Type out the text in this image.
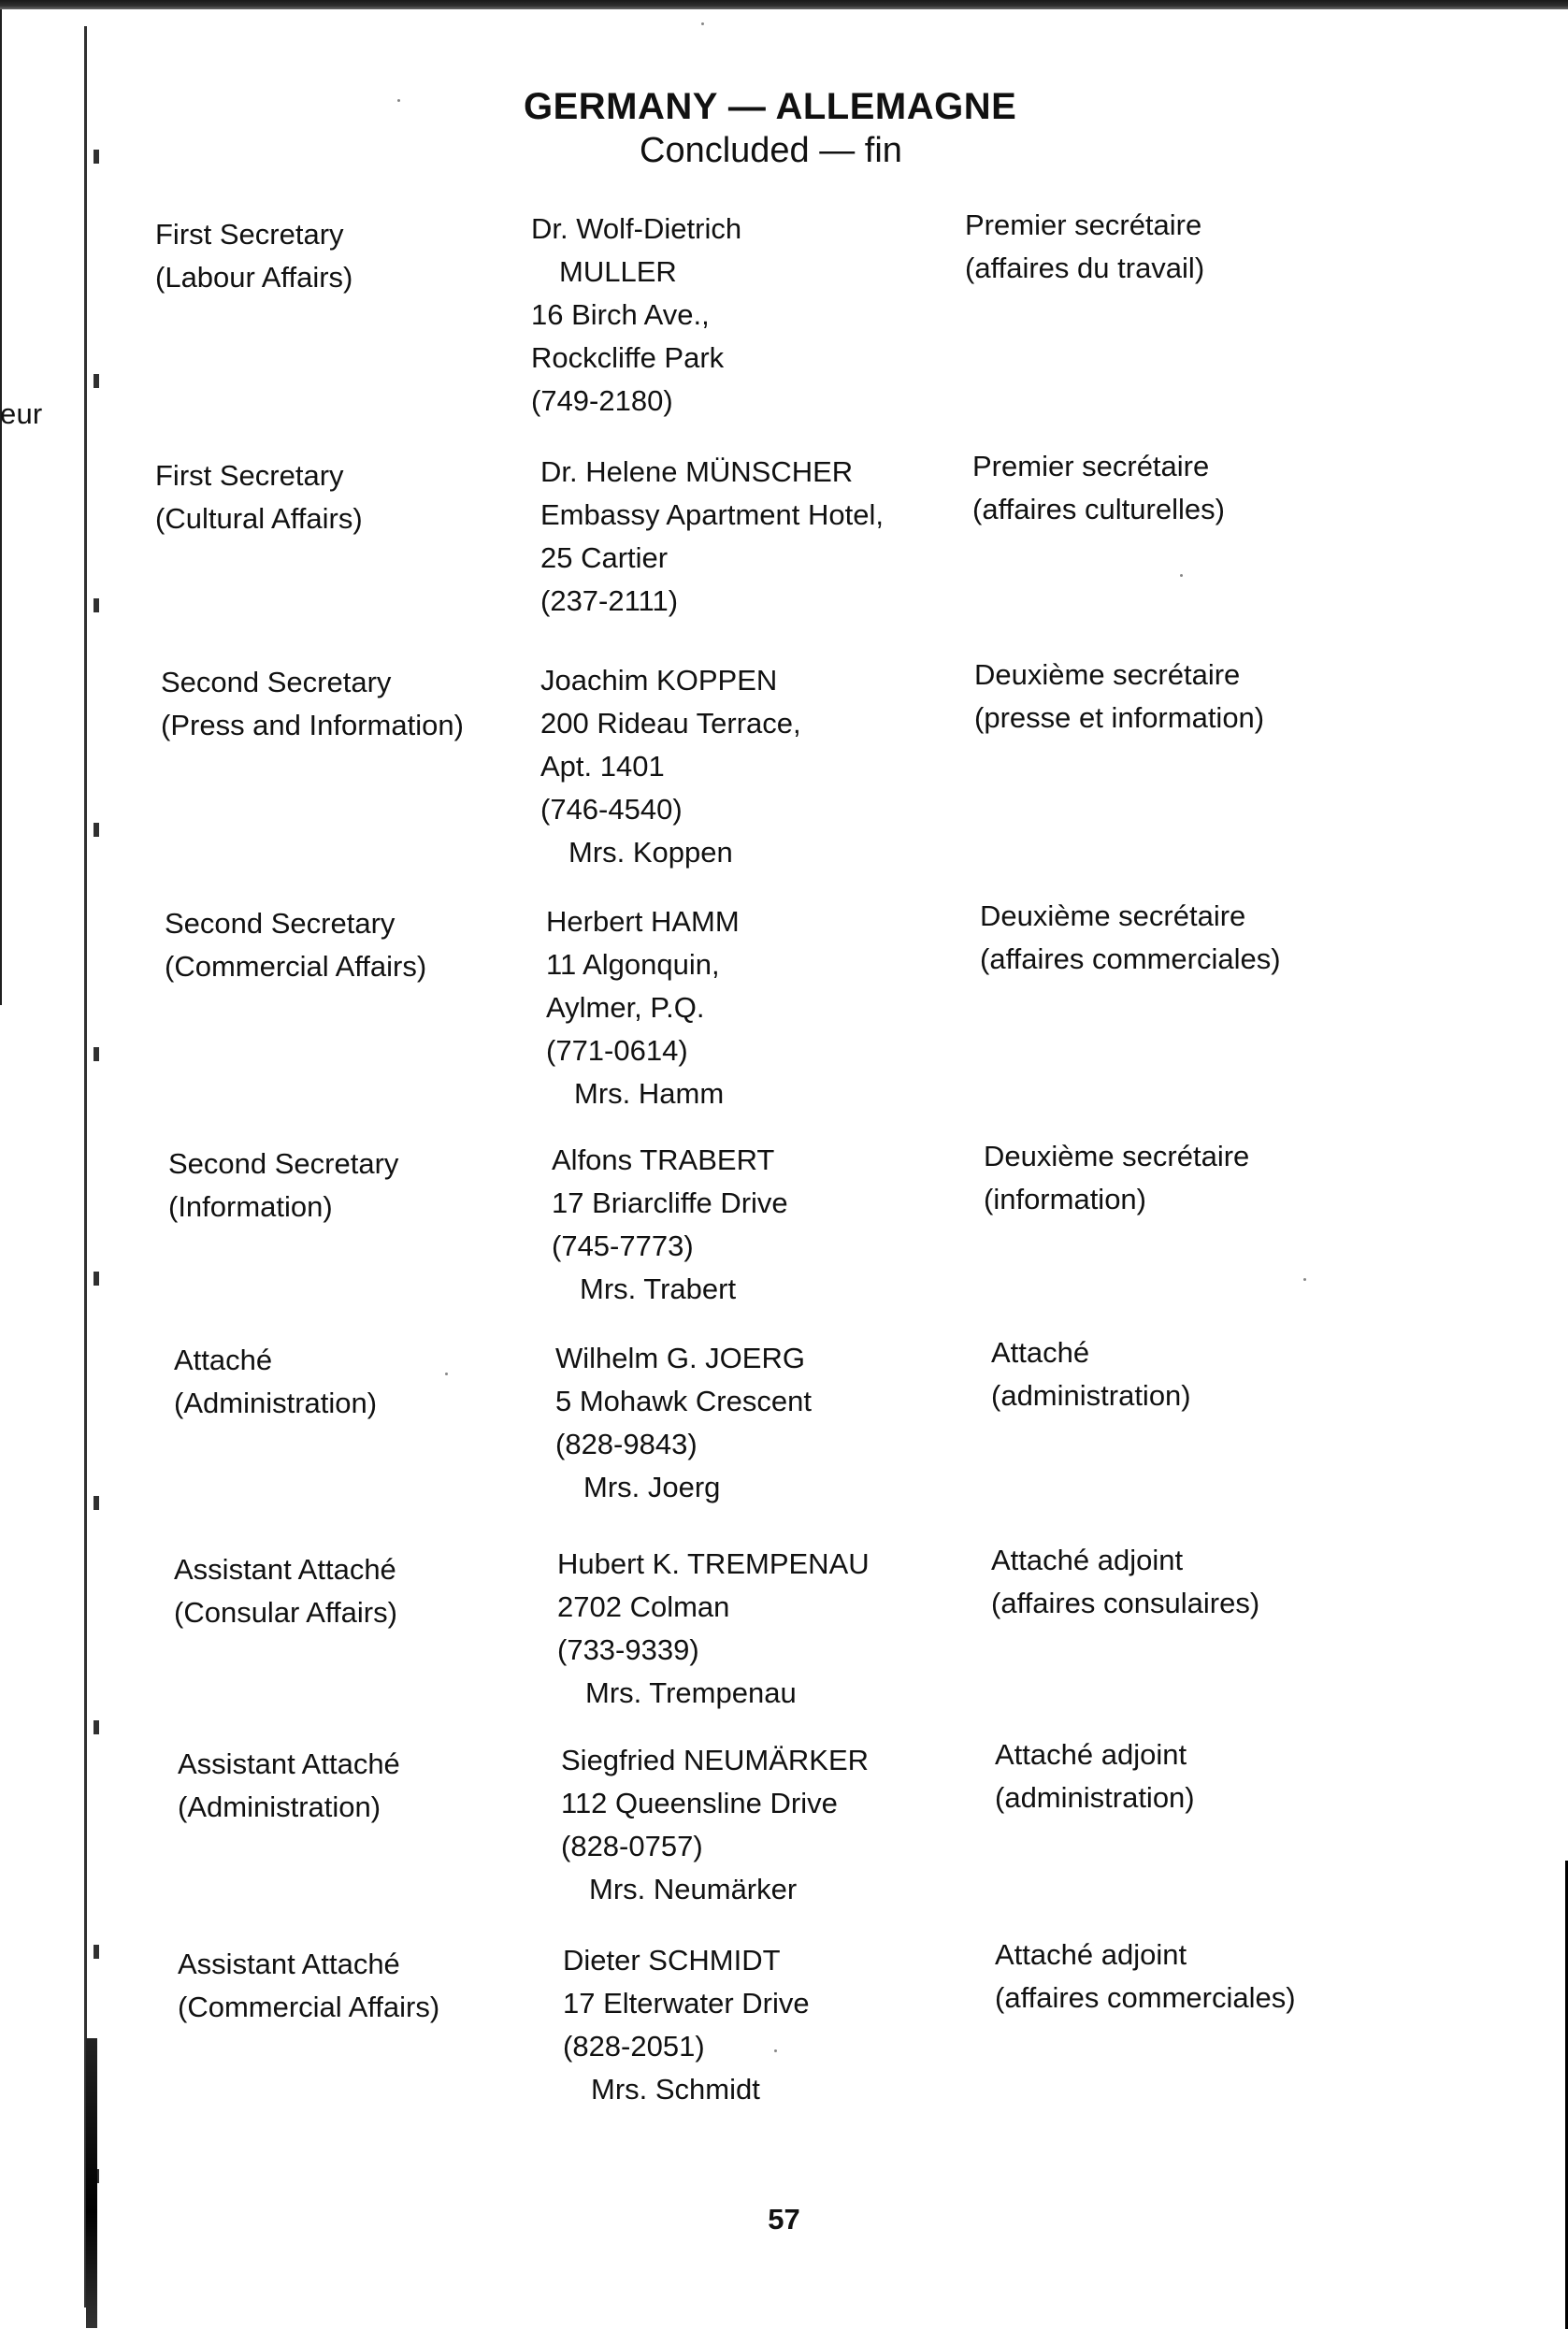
eur
GERMANY — ALLEMAGNE
Concluded — fin
First Secretary
(Labour Affairs)
Dr. Wolf-Dietrich
MULLER
16 Birch Ave.,
Rockcliffe Park
(749-2180)
Premier secrétaire
(affaires du travail)
First Secretary
(Cultural Affairs)
Dr. Helene MÜNSCHER
Embassy Apartment Hotel,
25 Cartier
(237-2111)
Premier secrétaire
(affaires culturelles)
Second Secretary
(Press and Information)
Joachim KOPPEN
200 Rideau Terrace,
Apt. 1401
(746-4540)
Mrs. Koppen
Deuxième secrétaire
(presse et information)
Second Secretary
(Commercial Affairs)
Herbert HAMM
11 Algonquin,
Aylmer, P.Q.
(771-0614)
Mrs. Hamm
Deuxième secrétaire
(affaires commerciales)
Second Secretary
(Information)
Alfons TRABERT
17 Briarcliffe Drive
(745-7773)
Mrs. Trabert
Deuxième secrétaire
(information)
Attaché
(Administration)
Wilhelm G. JOERG
5 Mohawk Crescent
(828-9843)
Mrs. Joerg
Attaché
(administration)
Assistant Attaché
(Consular Affairs)
Hubert K. TREMPENAU
2702 Colman
(733-9339)
Mrs. Trempenau
Attaché adjoint
(affaires consulaires)
Assistant Attaché
(Administration)
Siegfried NEUMÄRKER
112 Queensline Drive
(828-0757)
Mrs. Neumärker
Attaché adjoint
(administration)
Assistant Attaché
(Commercial Affairs)
Dieter SCHMIDT
17 Elterwater Drive
(828-2051)
Mrs. Schmidt
Attaché adjoint
(affaires commerciales)
57
